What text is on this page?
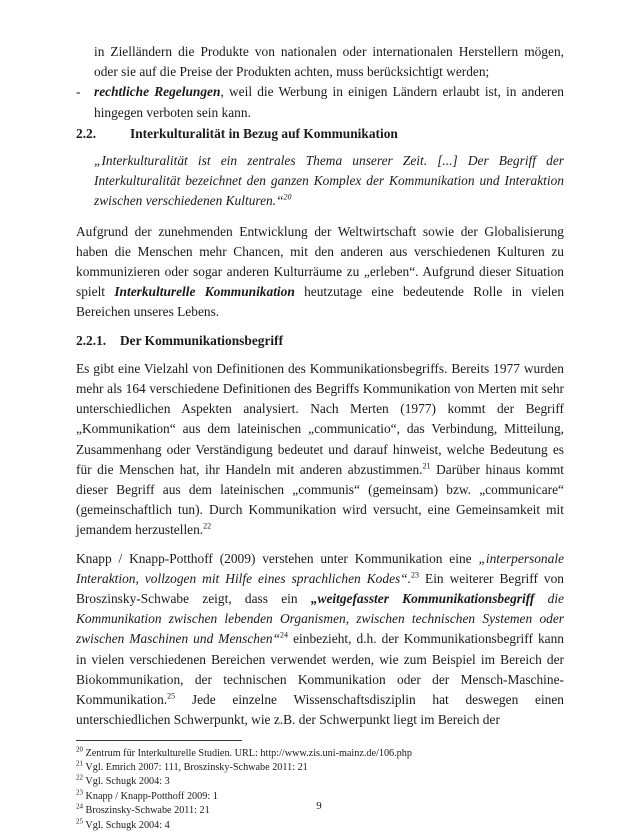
in Zielländern die Produkte von nationalen oder internationalen Herstellern mögen, oder sie auf die Preise der Produkten achten, muss berücksichtigt werden;

- rechtliche Regelungen, weil die Werbung in einigen Ländern erlaubt ist, in anderen hingegen verboten sein kann.

2.2.	Interkulturalität in Bezug auf Kommunikation

„Interkulturalität ist ein zentrales Thema unserer Zeit. [...] Der Begriff der Interkulturalität bezeichnet den ganzen Komplex der Kommunikation und Interaktion zwischen verschiedenen Kulturen.“$^{20}$

Aufgrund der zunehmenden Entwicklung der Weltwirtschaft sowie der Globalisierung haben die Menschen mehr Chancen, mit den anderen aus verschiedenen Kulturen zu kommunizieren oder sogar anderen Kulturräume zu „erleben“. Aufgrund dieser Situation spielt Interkulturelle Kommunikation heutzutage eine bedeutende Rolle in vielen Bereichen unseres Lebens.

2.2.1.	Der Kommunikationsbegriff

Es gibt eine Vielzahl von Definitionen des Kommunikationsbegriffs. Bereits 1977 wurden mehr als 164 verschiedene Definitionen des Begriffs Kommunikation von Merten mit sehr unterschiedlichen Aspekten analysiert. Nach Merten (1977) kommt der Begriff „Kommunikation“ aus dem lateinischen „communicatio“, das Verbindung, Mitteilung, Zusammenhang oder Verständigung bedeutet und darauf hinweist, welche Bedeutung es für die Menschen hat, ihr Handeln mit anderen abzustimmen.$^{21}$ Darüber hinaus kommt dieser Begriff aus dem lateinischen „communis“ (gemeinsam) bzw. „communicare“ (gemeinschaftlich tun). Durch Kommunikation wird versucht, eine Gemeinsamkeit mit jemandem herzustellen.$^{22}$

Knapp / Knapp-Potthoff (2009) verstehen unter Kommunikation eine „interpersonale Interaktion, vollzogen mit Hilfe eines sprachlichen Kodes“.$^{23}$ Ein weiterer Begriff von Broszinsky-Schwabe zeigt, dass ein „weitgefasster Kommunikationsbegriff die Kommunikation zwischen lebenden Organismen, zwischen technischen Systemen oder zwischen Maschinen und Menschen“$^{24}$ einbezieht, d.h. der Kommunikationsbegriff kann in vielen verschiedenen Bereichen verwendet werden, wie zum Beispiel im Bereich der Biokommunikation, der technischen Kommunikation oder der Mensch-Maschine-Kommunikation.$^{25}$ Jede einzelne Wissenschaftsdisziplin hat deswegen einen unterschiedlichen Schwerpunkt, wie z.B. der Schwerpunkt liegt im Bereich der

$^{20}$ Zentrum für Interkulturelle Studien. URL: http://www.zis.uni-mainz.de/106.php
$^{21}$ Vgl. Emrich 2007: 111, Broszinsky-Schwabe 2011: 21
$^{22}$ Vgl. Schugk 2004: 3
$^{23}$ Knapp / Knapp-Potthoff 2009: 1
$^{24}$ Broszinsky-Schwabe 2011: 21
$^{25}$ Vgl. Schugk 2004: 4
9
